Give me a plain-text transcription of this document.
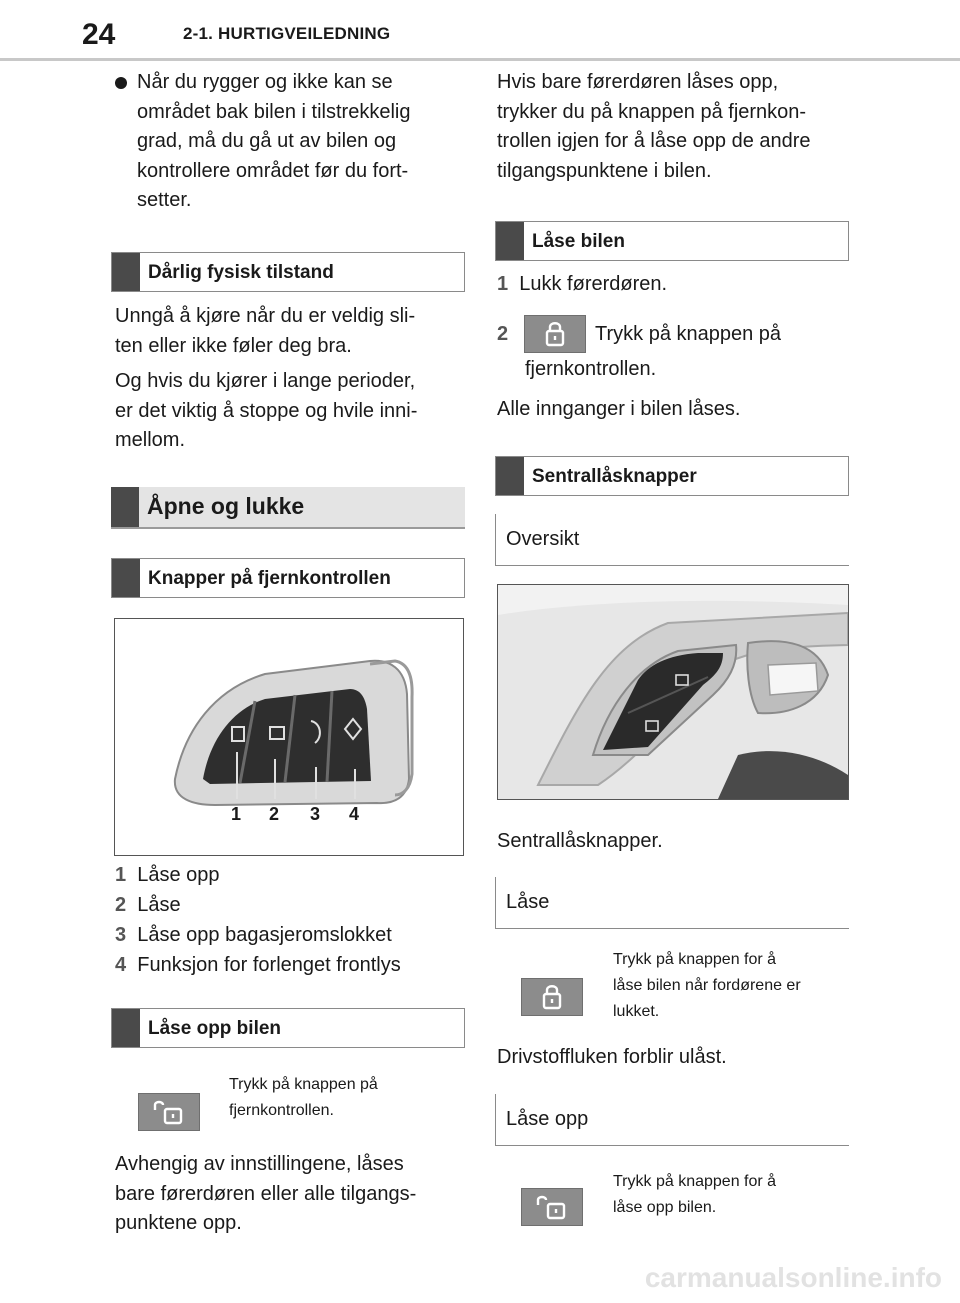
24	2-1. HURTIGVEILEDNING
Når du rygger og ikke kan se
området bak bilen i tilstrekkelig
grad, må du gå ut av bilen og
kontrollere området før du fort-
setter.
Dårlig fysisk tilstand
Unngå å kjøre når du er veldig sli-
ten eller ikke føler deg bra.
Og hvis du kjører i lange perioder,
er det viktig å stoppe og hvile inni-
mellom.
Åpne og lukke
Knapper på fjernkontrollen
1 2 3 4
1 Låse opp
2 Låse
3 Låse opp bagasjeromslokket
4 Funksjon for forlenget frontlys
Låse opp bilen
Trykk på knappen på
fjernkontrollen.
Avhengig av innstillingene, låses
bare førerdøren eller alle tilgangs-
punktene opp.
Hvis bare førerdøren låses opp,
trykker du på knappen på fjernkon-
trollen igjen for å låse opp de andre
tilgangspunktene i bilen.
Låse bilen
1 Lukk førerdøren.
2	Trykk på knappen på
fjernkontrollen.
Alle innganger i bilen låses.
Sentrallåsknapper
Oversikt
Sentrallåsknapper.
Låse
Trykk på knappen for å
låse bilen når fordørene er
lukket.
Drivstoffluken forblir ulåst.
Låse opp
Trykk på knappen for å
låse opp bilen.
carmanualsonline.info
